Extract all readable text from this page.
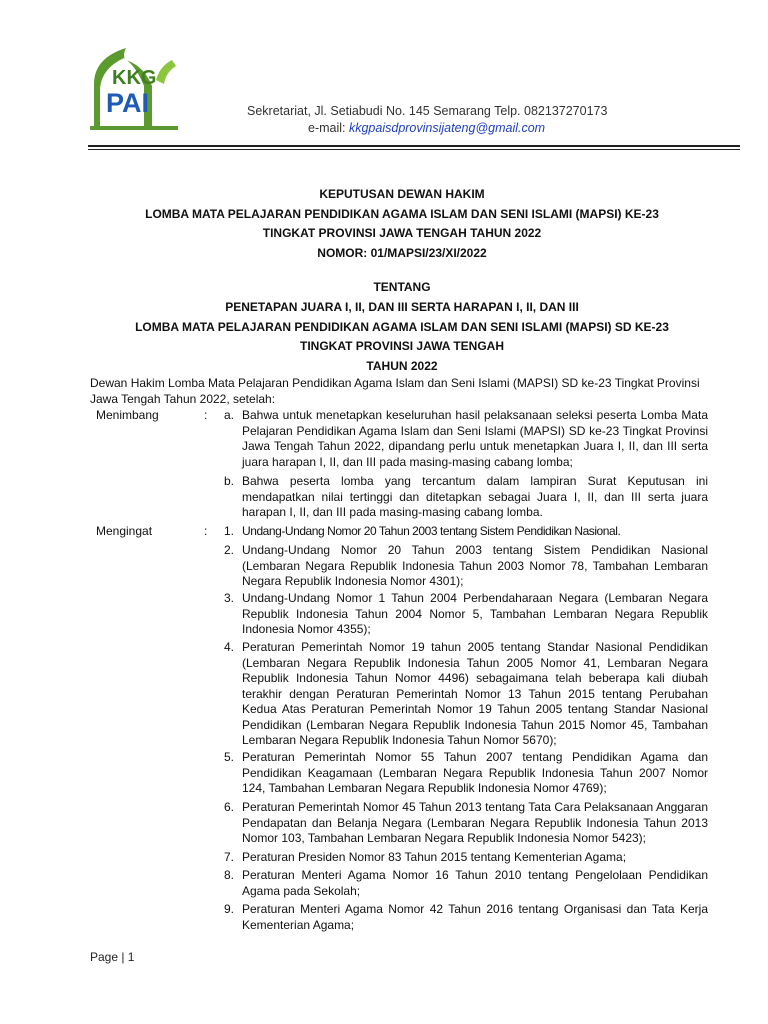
KKG
PAI	Sekretariat, Jl. Setiabudi No. 145 Semarang Telp. 082137270173
e-mail: kkgpaisdprovinsijateng@gmail.com
KEPUTUSAN DEWAN HAKIM
LOMBA MATA PELAJARAN PENDIDIKAN AGAMA ISLAM DAN SENI ISLAMI (MAPSI) KE-23
TINGKAT PROVINSI JAWA TENGAH TAHUN 2022
NOMOR: 01/MAPSI/23/XI/2022
TENTANG
PENETAPAN JUARA I, II, DAN III SERTA HARAPAN I, II, DAN III
LOMBA MATA PELAJARAN PENDIDIKAN AGAMA ISLAM DAN SENI ISLAMI (MAPSI) SD KE-23
TINGKAT PROVINSI JAWA TENGAH
TAHUN 2022
Dewan Hakim Lomba Mata Pelajaran Pendidikan Agama Islam dan Seni Islami (MAPSI) SD ke-23 Tingkat Provinsi Jawa Tengah Tahun 2022, setelah:
Menimbang	: a. Bahwa untuk menetapkan keseluruhan hasil pelaksanaan seleksi peserta Lomba Mata Pelajaran Pendidikan Agama Islam dan Seni Islami (MAPSI) SD ke-23 Tingkat Provinsi Jawa Tengah Tahun 2022, dipandang perlu untuk menetapkan Juara I, II, dan III serta juara harapan I, II, dan III pada masing-masing cabang lomba;
b. Bahwa peserta lomba yang tercantum dalam lampiran Surat Keputusan ini mendapatkan nilai tertinggi dan ditetapkan sebagai Juara I, II, dan III serta juara harapan I, II, dan III pada masing-masing cabang lomba.
Mengingat	: 1. Undang-Undang Nomor 20 Tahun 2003 tentang Sistem Pendidikan Nasional.
2. Undang-Undang Nomor 20 Tahun 2003 tentang Sistem Pendidikan Nasional (Lembaran Negara Republik Indonesia Tahun 2003 Nomor 78, Tambahan Lembaran Negara Republik Indonesia Nomor 4301);
3. Undang-Undang Nomor 1 Tahun 2004 Perbendaharaan Negara (Lembaran Negara Republik Indonesia Tahun 2004 Nomor 5, Tambahan Lembaran Negara Republik Indonesia Nomor 4355);
4. Peraturan Pemerintah Nomor 19 tahun 2005 tentang Standar Nasional Pendidikan (Lembaran Negara Republik Indonesia Tahun 2005 Nomor 41, Lembaran Negara Republik Indonesia Tahun Nomor 4496) sebagaimana telah beberapa kali diubah terakhir dengan Peraturan Pemerintah Nomor 13 Tahun 2015 tentang Perubahan Kedua Atas Peraturan Pemerintah Nomor 19 Tahun 2005 tentang Standar Nasional Pendidikan (Lembaran Negara Republik Indonesia Tahun 2015 Nomor 45, Tambahan Lembaran Negara Republik Indonesia Tahun Nomor 5670);
5. Peraturan Pemerintah Nomor 55 Tahun 2007 tentang Pendidikan Agama dan Pendidikan Keagamaan (Lembaran Negara Republik Indonesia Tahun 2007 Nomor 124, Tambahan Lembaran Negara Republik Indonesia Nomor 4769);
6. Peraturan Pemerintah Nomor 45 Tahun 2013 tentang Tata Cara Pelaksanaan Anggaran Pendapatan dan Belanja Negara (Lembaran Negara Republik Indonesia Tahun 2013 Nomor 103, Tambahan Lembaran Negara Republik Indonesia Nomor 5423);
7. Peraturan Presiden Nomor 83 Tahun 2015 tentang Kementerian Agama;
8. Peraturan Menteri Agama Nomor 16 Tahun 2010 tentang Pengelolaan Pendidikan Agama pada Sekolah;
9. Peraturan Menteri Agama Nomor 42 Tahun 2016 tentang Organisasi dan Tata Kerja Kementerian Agama;
Page | 1
